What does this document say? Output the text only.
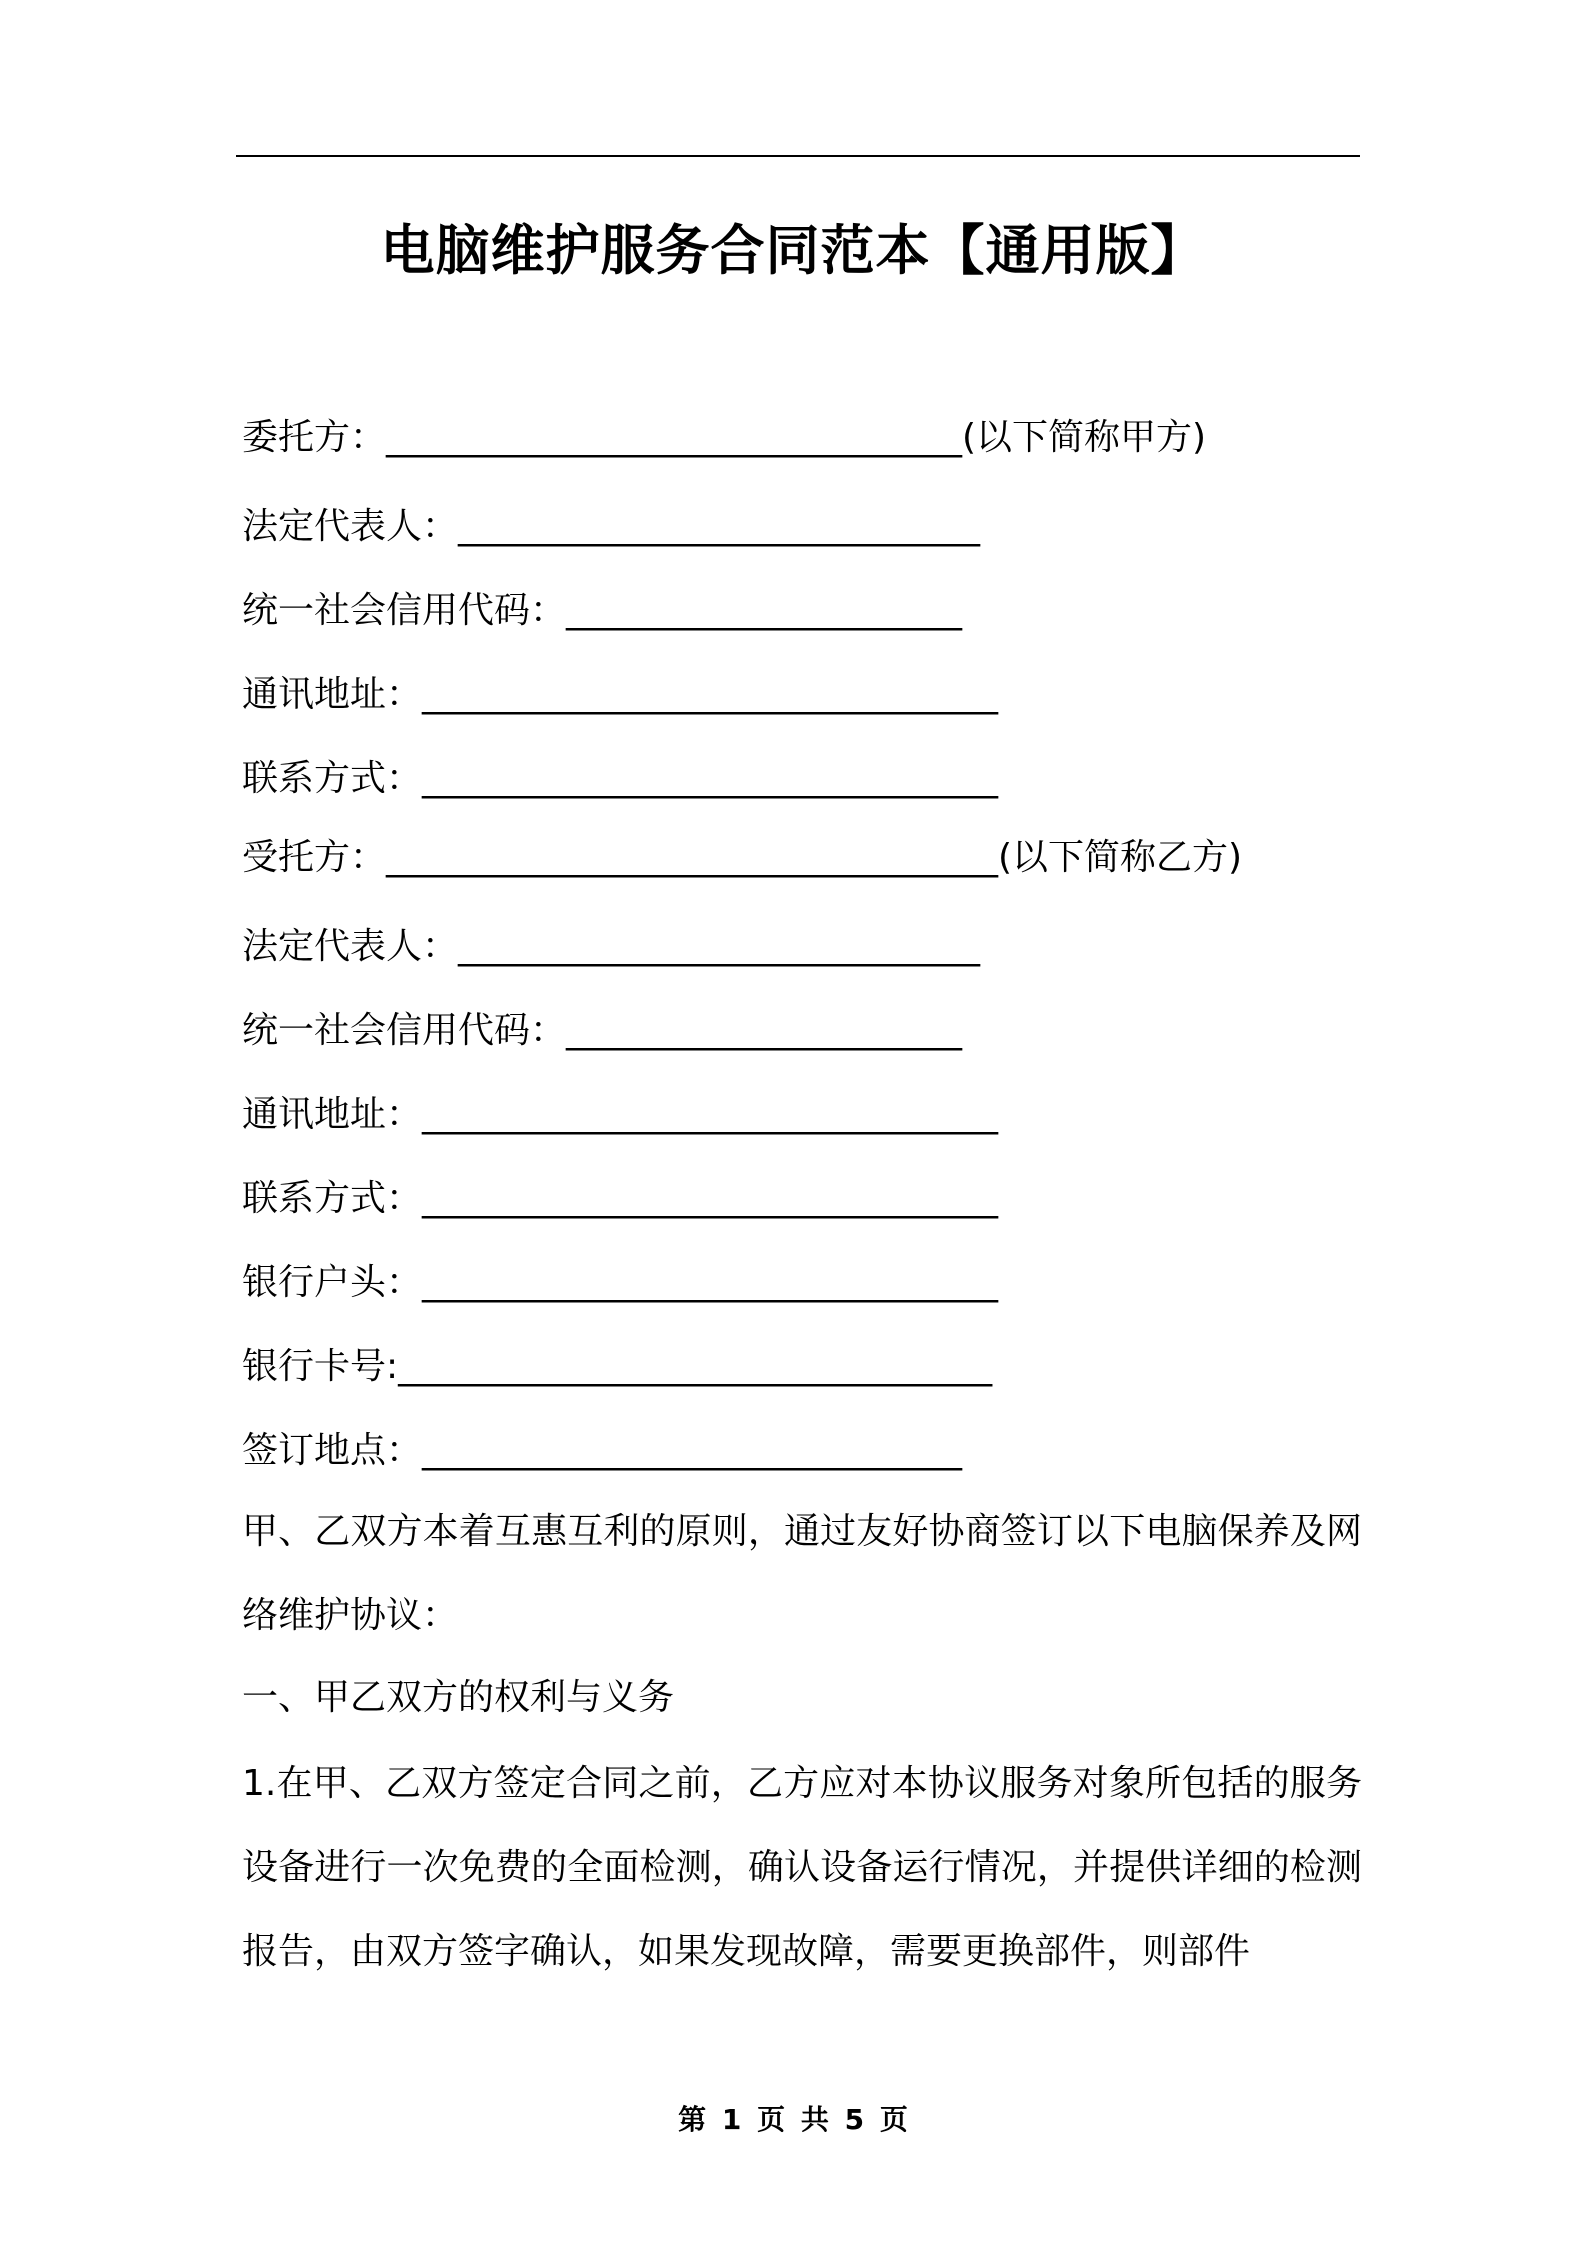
电脑维护服务合同范本【通用版】
委托方：________________________________(以下简称甲方)
法定代表人：_____________________________
统一社会信用代码：______________________
通讯地址：________________________________
联系方式：________________________________
受托方：__________________________________(以下简称乙方)
法定代表人：_____________________________
统一社会信用代码：______________________
通讯地址：________________________________
联系方式：________________________________
银行户头：________________________________
银行卡号:_________________________________
签订地点：______________________________
甲、乙双方本着互惠互利的原则，通过友好协商签订以下电脑保养及网络维护协议：
一、甲乙双方的权利与义务
1.在甲、乙双方签定合同之前，乙方应对本协议服务对象所包括的服务设备进行一次免费的全面检测，确认设备运行情况，并提供详细的检测报告，由双方签字确认，如果发现故障，需要更换部件，则部件
第 1 页 共 5 页
